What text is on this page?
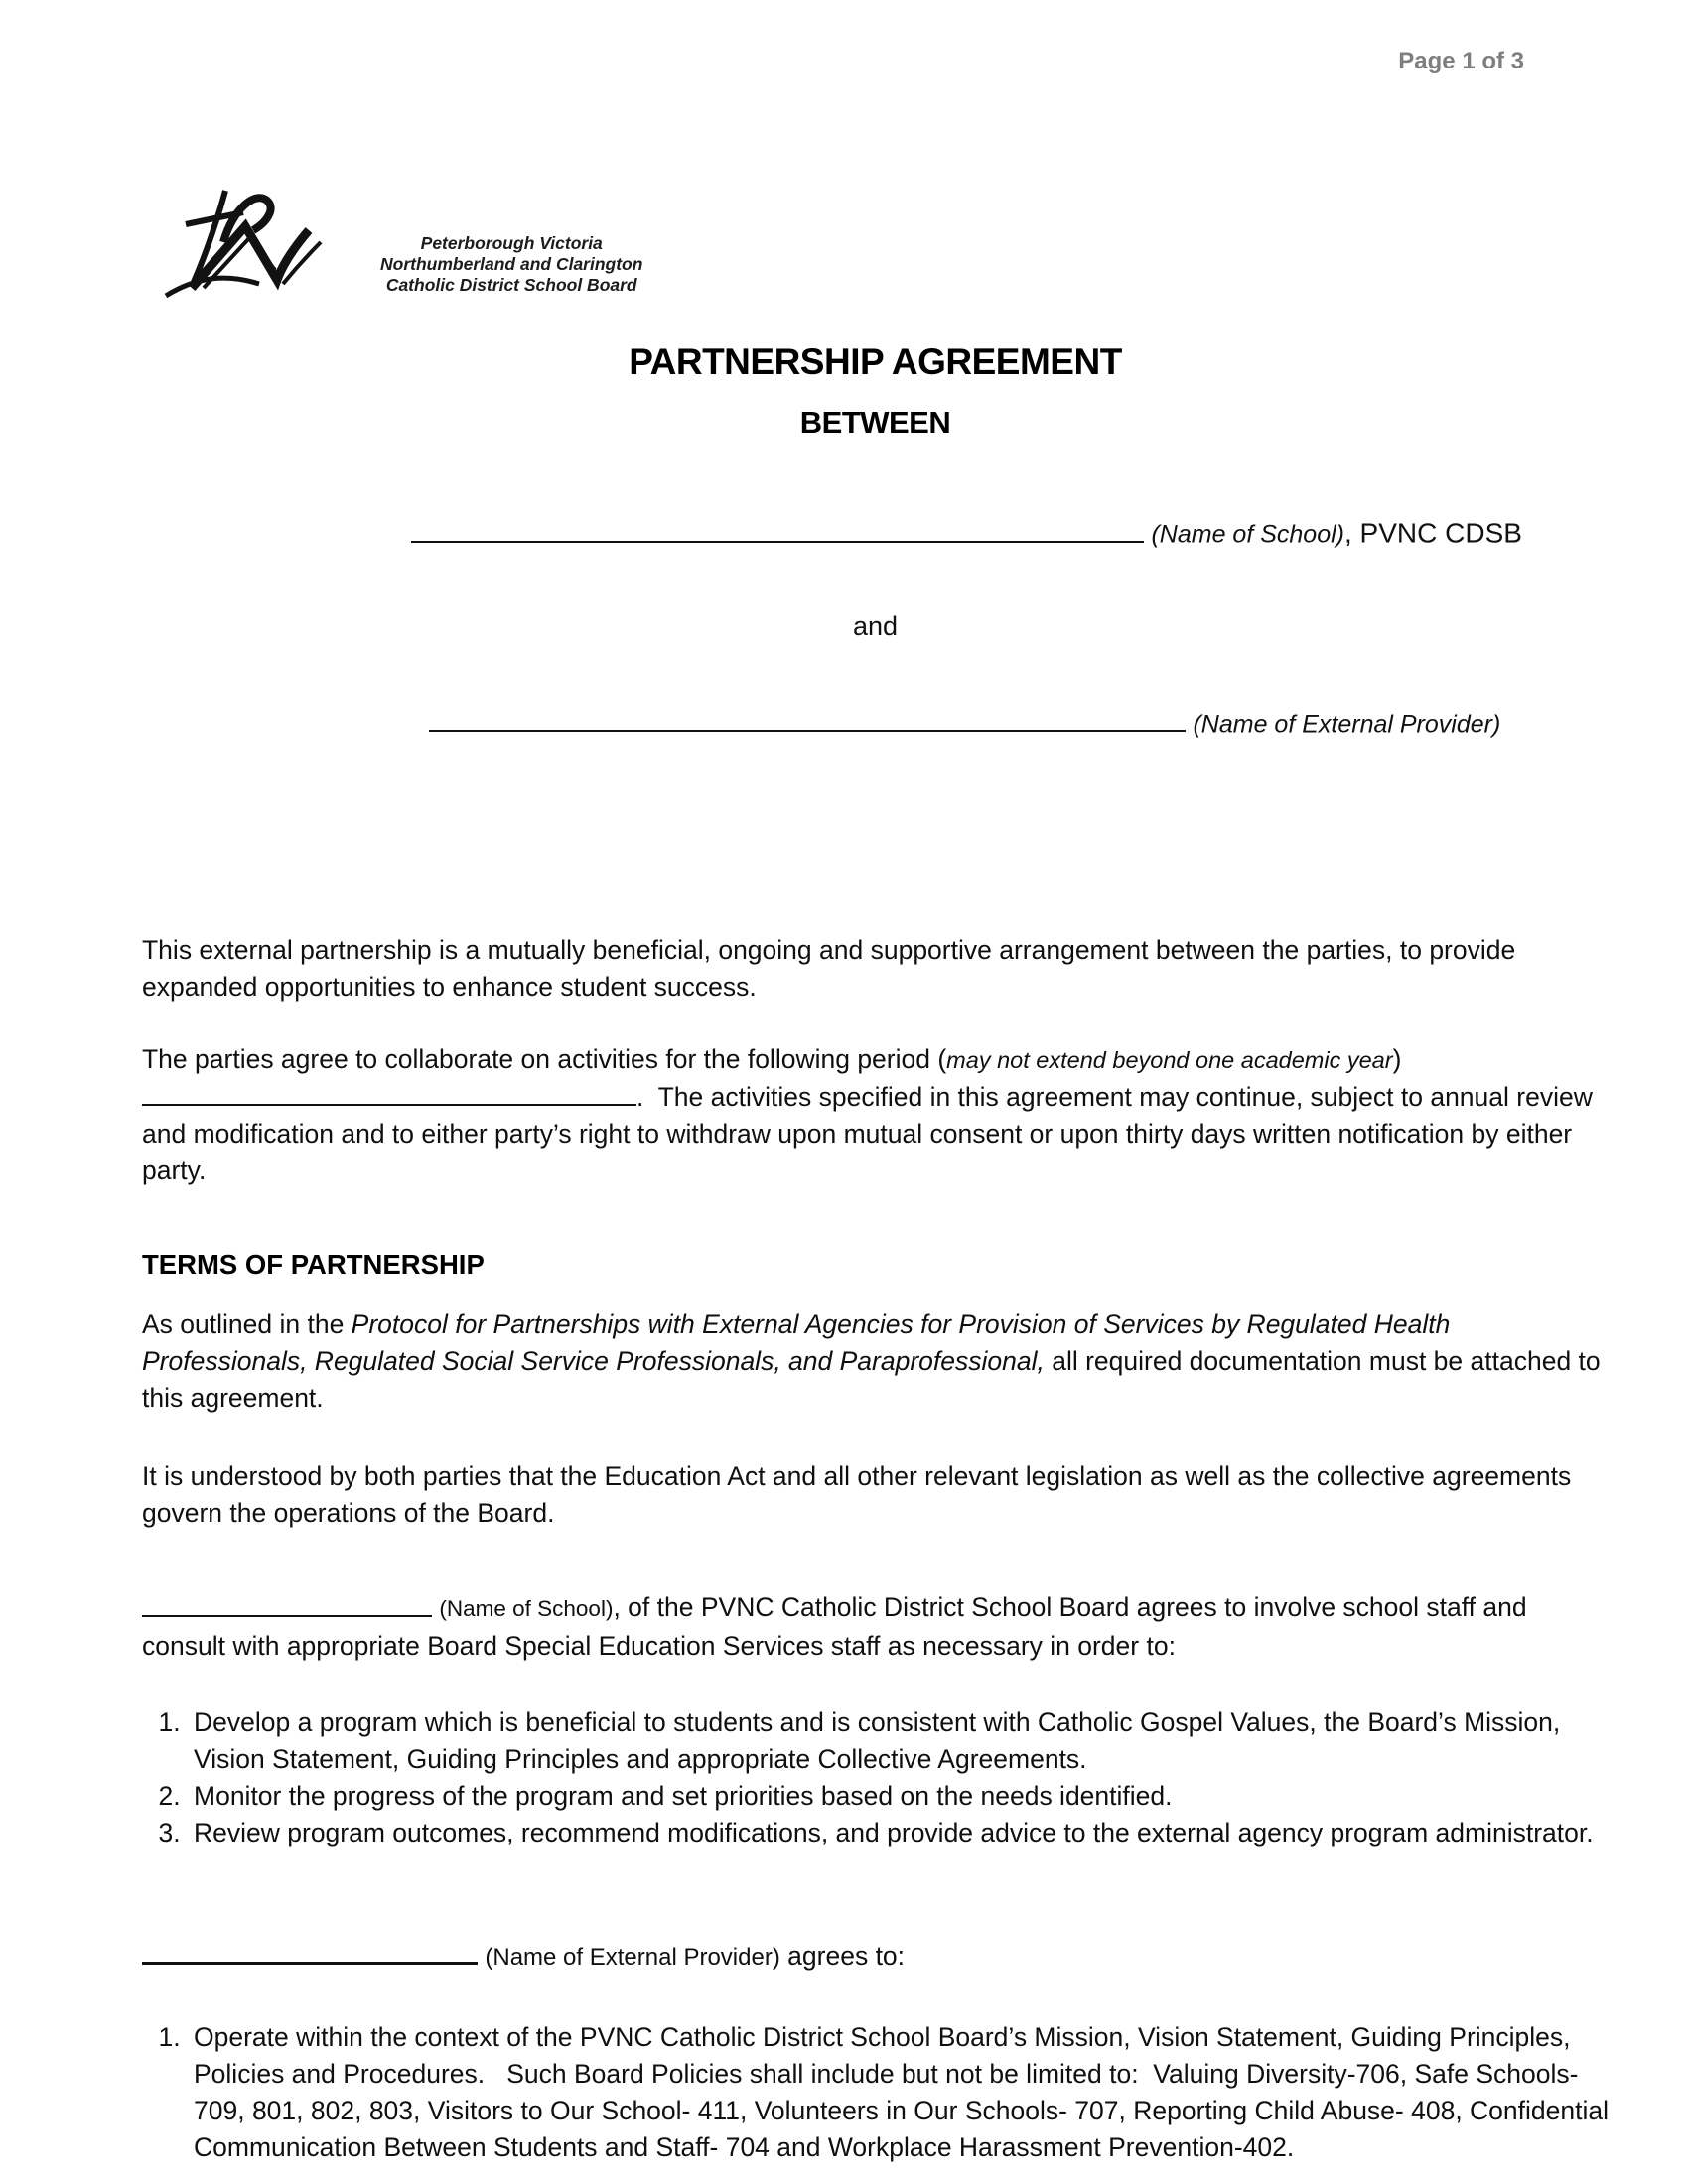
Page 1 of 3
Peterborough Victoria
Northumberland and Clarington
Catholic District School Board
PARTNERSHIP AGREEMENT
BETWEEN

(Name of School), PVNC CDSB

and

(Name of External Provider)

This external partnership is a mutually beneficial, ongoing and supportive arrangement between the parties, to provide expanded opportunities to enhance student success.

The parties agree to collaborate on activities for the following period (may not extend beyond one academic year)
.  The activities specified in this agreement may continue, subject to annual review and modification and to either party’s right to withdraw upon mutual consent or upon thirty days written notification by either party.

TERMS OF PARTNERSHIP

As outlined in the Protocol for Partnerships with External Agencies for Provision of Services by Regulated Health Professionals, Regulated Social Service Professionals, and Paraprofessional, all required documentation must be attached to this agreement.

It is understood by both parties that the Education Act and all other relevant legislation as well as the collective agreements govern the operations of the Board.

(Name of School), of the PVNC Catholic District School Board agrees to involve school staff and consult with appropriate Board Special Education Services staff as necessary in order to:

1. Develop a program which is beneficial to students and is consistent with Catholic Gospel Values, the Board’s Mission, Vision Statement, Guiding Principles and appropriate Collective Agreements.
2. Monitor the progress of the program and set priorities based on the needs identified.
3. Review program outcomes, recommend modifications, and provide advice to the external agency program administrator.

(Name of External Provider) agrees to:

1. Operate within the context of the PVNC Catholic District School Board’s Mission, Vision Statement, Guiding Principles, Policies and Procedures.   Such Board Policies shall include but not be limited to:  Valuing Diversity-706, Safe Schools-709, 801, 802, 803, Visitors to Our School- 411, Volunteers in Our Schools- 707, Reporting Child Abuse- 408, Confidential Communication Between Students and Staff- 704 and Workplace Harassment Prevention-402.
